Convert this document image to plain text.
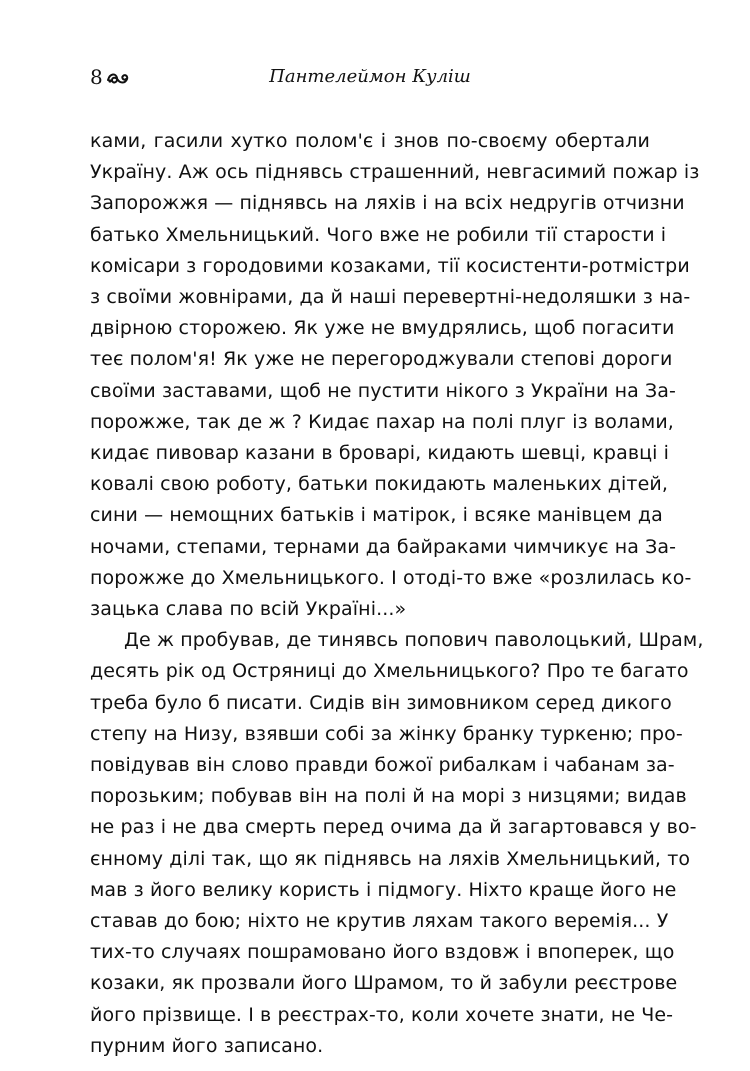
8	Пантелеймон Куліш
ками, гасили хутко полом'є і знов по-своєму обертали
Україну. Аж ось піднявсь страшенний, невгасимий пожар із
Запорожжя — піднявсь на ляхів і на всіх недругів отчизни
батько Хмельницький. Чого вже не робили тії старости і
комісари з городовими козаками, тії косистенти-ротмістри
з своїми жовнірами, да й наші перевертні-недоляшки з на-
двірною сторожею. Як уже не вмудрялись, щоб погасити
теє полом'я! Як уже не перегороджували степові дороги
своїми заставами, щоб не пустити нікого з України на За-
порожже, так де ж ? Кидає пахар на полі плуг із волами,
кидає пивовар казани в броварі, кидають шевці, кравці і
ковалі свою роботу, батьки покидають маленьких дітей,
сини — немощних батьків і матірок, і всяке манівцем да
ночами, степами, тернами да байраками чимчикує на За-
порожже до Хмельницького. І отоді-то вже «розлилась ко-
зацька слава по всій Україні...»
Де ж пробував, де тинявсь попович паволоцький, Шрам,
десять рік од Остряниці до Хмельницького? Про те багато
треба було б писати. Сидів він зимовником серед дикого
степу на Низу, взявши собі за жінку бранку туркеню; про-
повідував він слово правди божої рибалкам і чабанам за-
порозьким; побував він на полі й на морі з низцями; видав
не раз і не два смерть перед очима да й загартовався у во-
єнному ділі так, що як піднявсь на ляхів Хмельницький, то
мав з його велику користь і підмогу. Ніхто краще його не
ставав до бою; ніхто не крутив ляхам такого веремія... У
тих-то случаях пошрамовано його вздовж і впоперек, що
козаки, як прозвали його Шрамом, то й забули реєстрове
його прізвище. І в реєстрах-то, коли хочете знати, не Че-
пурним його записано.
